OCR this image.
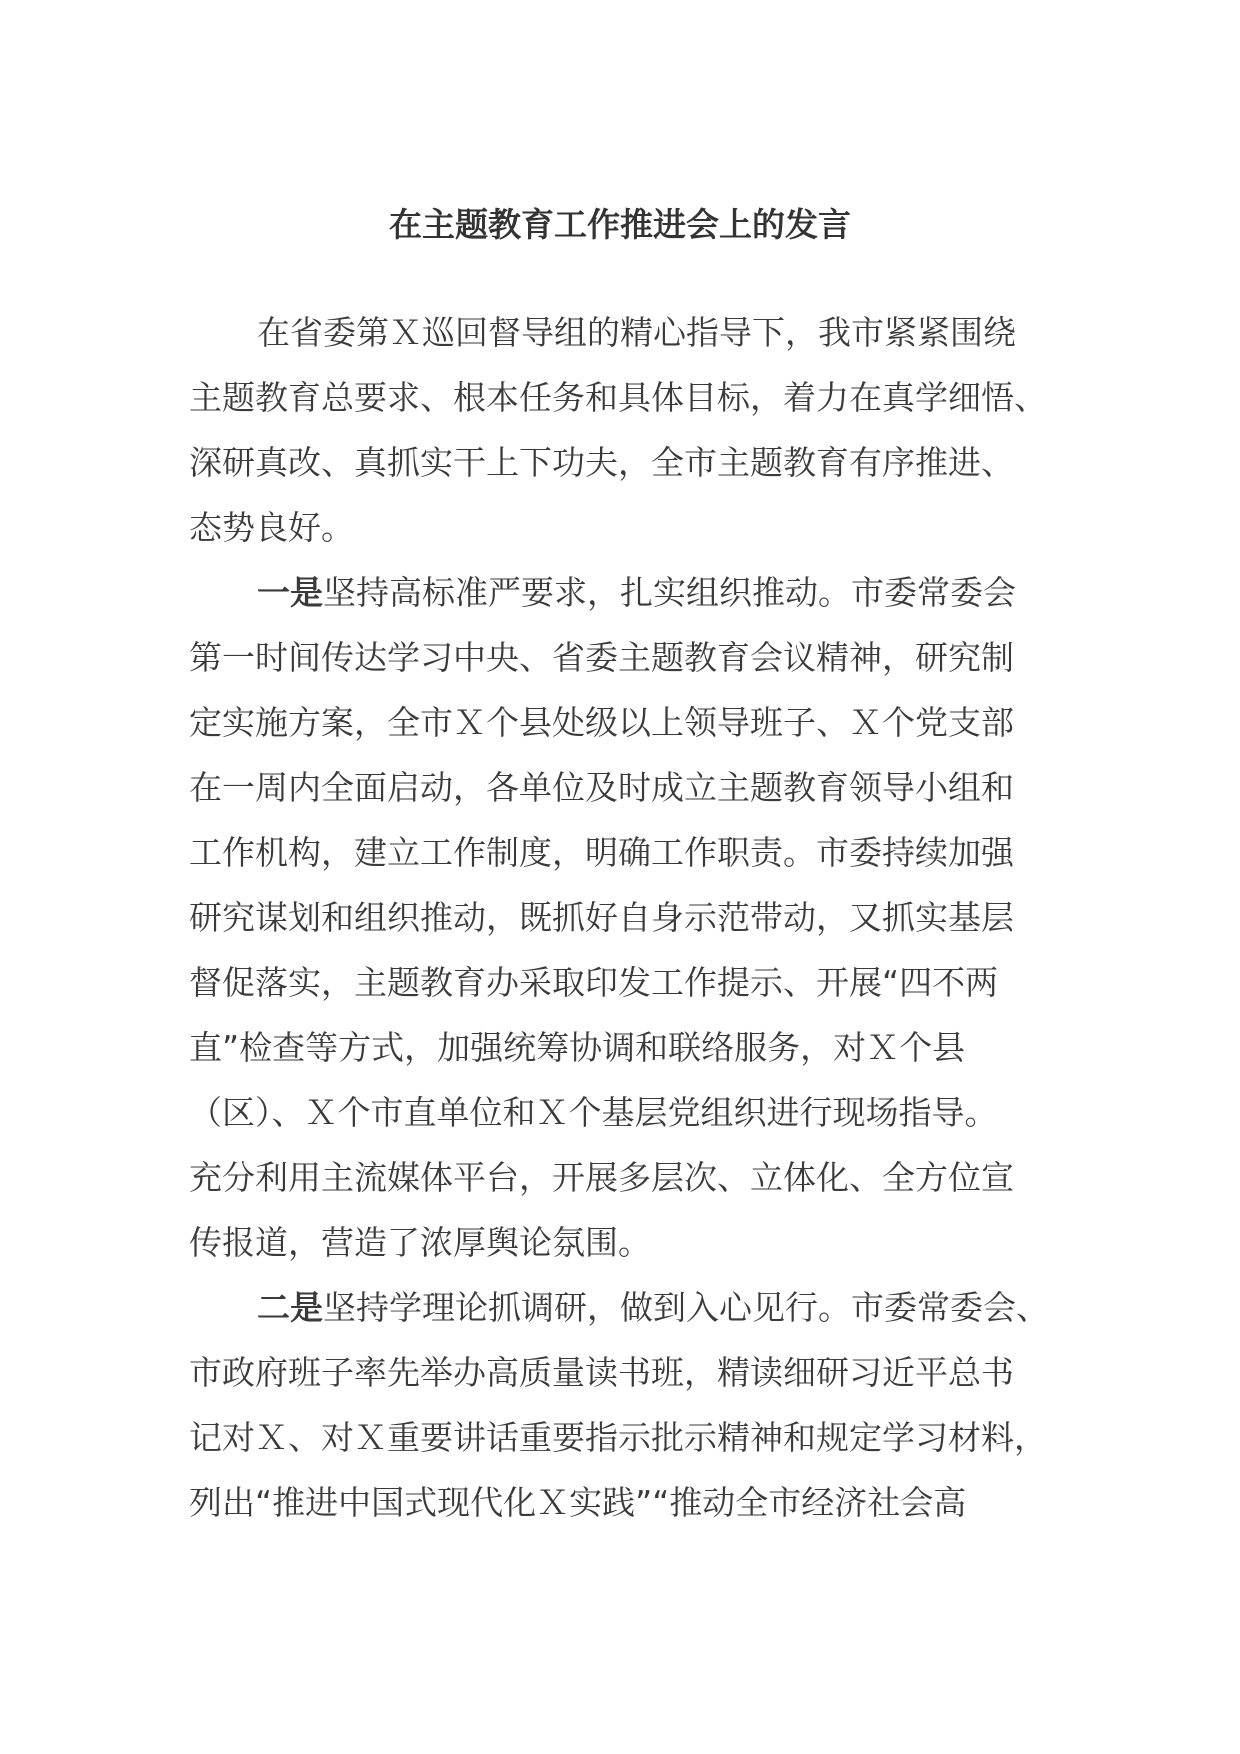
在主题教育工作推进会上的发言
在省委第Ｘ巡回督导组的精心指导下，我市紧紧围绕
主题教育总要求、根本任务和具体目标，着力在真学细悟、
深研真改、真抓实干上下功夫，全市主题教育有序推进、
态势良好。
一是坚持高标准严要求，扎实组织推动。市委常委会
第一时间传达学习中央、省委主题教育会议精神，研究制
定实施方案，全市Ｘ个县处级以上领导班子、Ｘ个党支部
在一周内全面启动，各单位及时成立主题教育领导小组和
工作机构，建立工作制度，明确工作职责。市委持续加强
研究谋划和组织推动，既抓好自身示范带动，又抓实基层
督促落实，主题教育办采取印发工作提示、开展“四不两
直”检查等方式，加强统筹协调和联络服务，对Ｘ个县
（区）、Ｘ个市直单位和Ｘ个基层党组织进行现场指导。
充分利用主流媒体平台，开展多层次、立体化、全方位宣
传报道，营造了浓厚舆论氛围。
二是坚持学理论抓调研，做到入心见行。市委常委会、
市政府班子率先举办高质量读书班，精读细研习近平总书
记对Ｘ、对Ｘ重要讲话重要指示批示精神和规定学习材料，
列出“推进中国式现代化Ｘ实践”“推动全市经济社会高
